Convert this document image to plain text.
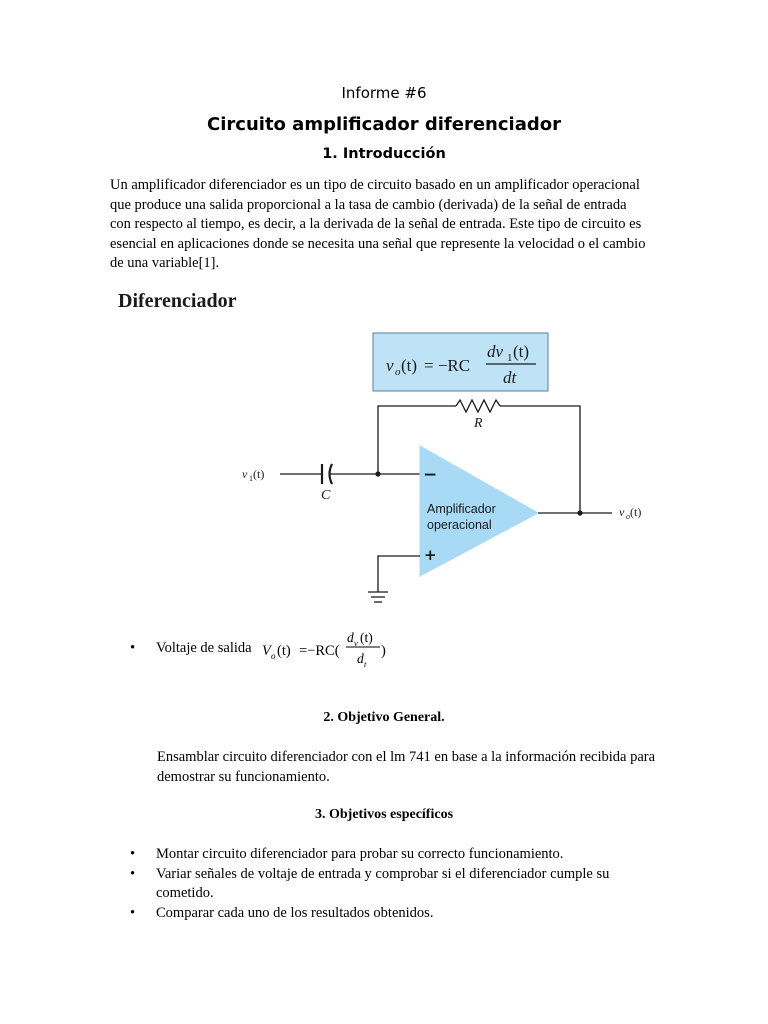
Informe #6
Circuito amplificador diferenciador
1. Introducción
Un amplificador diferenciador es un tipo de circuito basado en un amplificador operacional que produce una salida proporcional a la tasa de cambio (derivada) de la señal de entrada con respecto al tiempo, es decir, a la derivada de la señal de entrada. Este tipo de circuito es esencial en aplicaciones donde se necesita una señal que represente la velocidad o el cambio de una variable[1].
Diferenciador
v o (t) = −RC
dv 1 (t)
dt
R
C
v 1 (t)	−
+
Amplificador
operacional
v o (t)
• Voltaje de salida V o (t) =−RC(
d v (t)
d t
)
2. Objetivo General.
Ensamblar circuito diferenciador con el lm 741 en base a la información recibida para demostrar su funcionamiento.
3. Objetivos específicos
• Montar circuito diferenciador para probar su correcto funcionamiento.
• Variar señales de voltaje de entrada y comprobar si el diferenciador cumple su cometido.
• Comparar cada uno de los resultados obtenidos.
